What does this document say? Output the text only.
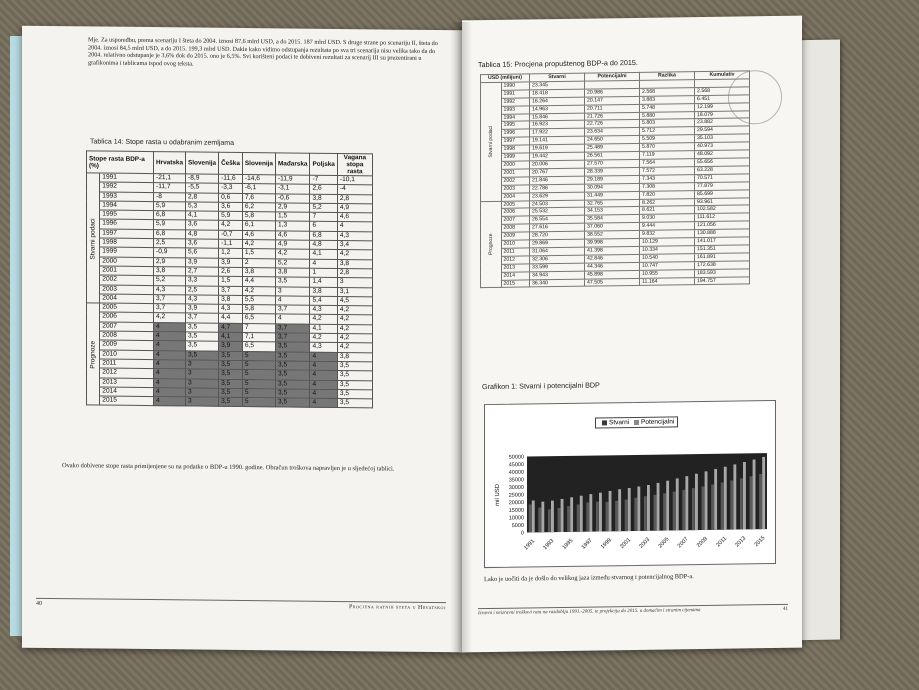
Mje. Za uspoređbu, prema scenariju I šteta do 2004. iznosi 87,6 mlrd USD, a do 2015. 187 mlrd USD. S druge strane po scenariju II, šteta do 2004. iznosi 84,5 mlrd USD, a do 2015. 199,3 mlrd USD. Dakle kako vidimo odstupanja rezultata po sva tri scenarija nisu velika tako da do 2004. relativno odstupanje je 3,6% dok do 2015. ono je 6,5%. Svi korišteni podaci te dobiveni rezultati za scenarij III su prezentirani u grafikonima i tablicama ispod ovog teksta.
Tablica 14: Stope rasta u odabranim zemljama
Stope rasta BDP-a (%)		Hrvatska	Slovenija	Češka	Slovenija	Mađarska	Poljska	Vagana stopa rasta
Stvarni podaci	1991	-21,1	-8,9	-11,6	-14,6	-11,9	-7	-10,1
	1992	-11,7	-5,5	-3,3	-6,1	-3,1	2,6	-4
	1993	-8	2,8	0,6	7,6	-0,6	3,8	2,8
	1994	5,9	5,3	3,6	6,2	2,9	5,2	4,9
	1995	6,8	4,1	5,9	5,8	1,5	7	4,6
	1996	5,9	3,6	4,2	6,1	1,3	6	4
	1997	6,8	4,8	-0,7	4,6	4,6	6,8	4,3
	1998	2,5	3,6	-1,1	4,2	4,9	4,8	3,4
	1999	-0,9	5,6	1,2	1,5	4,2	4,1	4,2
	2000	2,9	3,9	3,9	2	5,2	4	3,8
	2001	3,8	2,7	2,6	3,8	3,8	1	2,8
	2002	5,2	3,3	1,5	4,4	3,5	1,4	3
	2003	4,3	2,5	3,7	4,2	3	3,8	3,1
	2004	3,7	4,3	3,8	5,5	4	5,4	4,5
Prognoze	2005	3,7	3,9	4,3	5,8	3,7	4,3	4,2
	2006	4,2	3,7	4,4	6,5	4	4,2	4,2
	2007	4	3,5	4,7	7	3,7	4,1	4,2
	2008	4	3,5	4,1	7,1	3,7	4,2	4,2
	2009	4	3,5	3,9	6,5	3,5	4,3	4,2
	2010	4	3,5	3,5	5	3,5	4	3,8
	2011	4	3	3,5	5	3,5	4	3,5
	2012	4	3	3,5	5	3,5	4	3,5
	2013	4	3	3,5	5	3,5	4	3,5
	2014	4	3	3,5	5	3,5	4	3,5
	2015	4	3	3,5	5	3,5	4	3,5
Ovako dobivene stope rasta primijenjene su na podatke o BDP-u 1990. godine. Obračun troškova napravljen je u sljedećoj tablici.
40
Procjena ratnih šteta u Hrvatskoj
Tablica 15: Procjena propuštenog BDP-a do 2015.
USD (milijuni)		Stvarni	Potencijalni	Razlika	Kumulativ
Stvarni podaci	1990	23.345			
	1991	18.418	20.986	2.568	2.568
	1992	16.264	20.147	3.883	6.451
	1993	14.963	20.711	5.748	12.199
	1994	15.846	21.726	5.880	18.079
	1995	16.923	22.726	5.803	23.882
	1996	17.922	23.634	5.712	29.594
	1997	19.141	24.650	5.509	35.103
	1998	19.619	25.489	5.870	40.973
	1999	19.442	26.561	7.119	48.092
	2000	20.006	27.570	7.564	55.656
	2001	20.767	28.339	7.572	63.228
	2002	21.846	29.189	7.343	70.571
	2003	22.786	30.094	7.308	77.879
	2004	23.629	31.449	7.820	85.699
Prognoze	2005	24.503	32.765	8.262	93.961
	2006	25.532	34.153	8.621	102.582
	2007	26.554	35.584	9.030	111.612
	2008	27.616	37.060	9.444	121.056
	2009	28.720	38.552	9.832	130.888
	2010	29.869	39.998	10.129	141.017
	2011	31.064	41.398	10.334	151.351
	2012	32.306	42.846	10.540	161.891
	2013	33.599	44.346	10.747	172.638
	2014	34.943	45.898	10.955	183.593
	2015	36.340	47.505	11.164	194.757
Grafikon 1: Stvarni i potencijalni BDP
Stvarni Potencijalni
0
5000
10000
15000
20000
25000
30000
35000
40000
45000
50000
mil USD
1991 1993 1995 1997 1999 2001 2003 2005 2007 2009 2011 2013 2015
Lako je uočiti da je došlo do velikog jaza između stvarnog i potencijalnog BDP-a.
Izravni i neizravni troškovi rata na razdoblju 1991.-2005. te projekcija do 2015. u domaćim i stranim cijenama	41
